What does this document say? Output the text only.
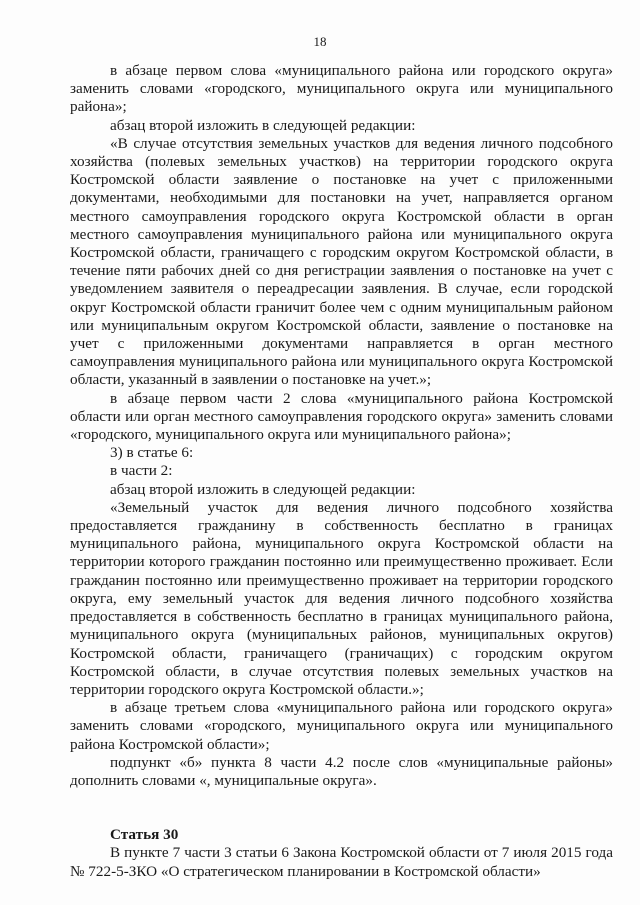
18

в абзаце первом слова «муниципального района или городского округа» заменить словами «городского, муниципального округа или муниципального района»;

абзац второй изложить в следующей редакции:

«В случае отсутствия земельных участков для ведения личного подсобного хозяйства (полевых земельных участков) на территории городского округа Костромской области заявление о постановке на учет с приложенными документами, необходимыми для постановки на учет, направляется органом местного самоуправления городского округа Костромской области в орган местного самоуправления муниципального района или муниципального округа Костромской области, граничащего с городским округом Костромской области, в течение пяти рабочих дней со дня регистрации заявления о постановке на учет с уведомлением заявителя о переадресации заявления. В случае, если городской округ Костромской области граничит более чем с одним муниципальным районом или муниципальным округом Костромской области, заявление о постановке на учет с приложенными документами направляется в орган местного самоуправления муниципального района или муниципального округа Костромской области, указанный в заявлении о постановке на учет.»;

в абзаце первом части 2 слова «муниципального района Костромской области или орган местного самоуправления городского округа» заменить словами «городского, муниципального округа или муниципального района»;

3) в статье 6:

в части 2:

абзац второй изложить в следующей редакции:

«Земельный участок для ведения личного подсобного хозяйства предоставляется гражданину в собственность бесплатно в границах муниципального района, муниципального округа Костромской области на территории которого гражданин постоянно или преимущественно проживает. Если гражданин постоянно или преимущественно проживает на территории городского округа, ему земельный участок для ведения личного подсобного хозяйства предоставляется в собственность бесплатно в границах муниципального района, муниципального округа (муниципальных районов, муниципальных округов) Костромской области, граничащего (граничащих) с городским округом Костромской области, в случае отсутствия полевых земельных участков на территории городского округа Костромской области.»;

в абзаце третьем слова «муниципального района или городского округа» заменить словами «городского, муниципального округа или муниципального района Костромской области»;

подпункт «б» пункта 8 части 4.2 после слов «муниципальные районы» дополнить словами «, муниципальные округа».

Статья 30

В пункте 7 части 3 статьи 6 Закона Костромской области от 7 июля 2015 года № 722-5-ЗКО «О стратегическом планировании в Костромской области»
